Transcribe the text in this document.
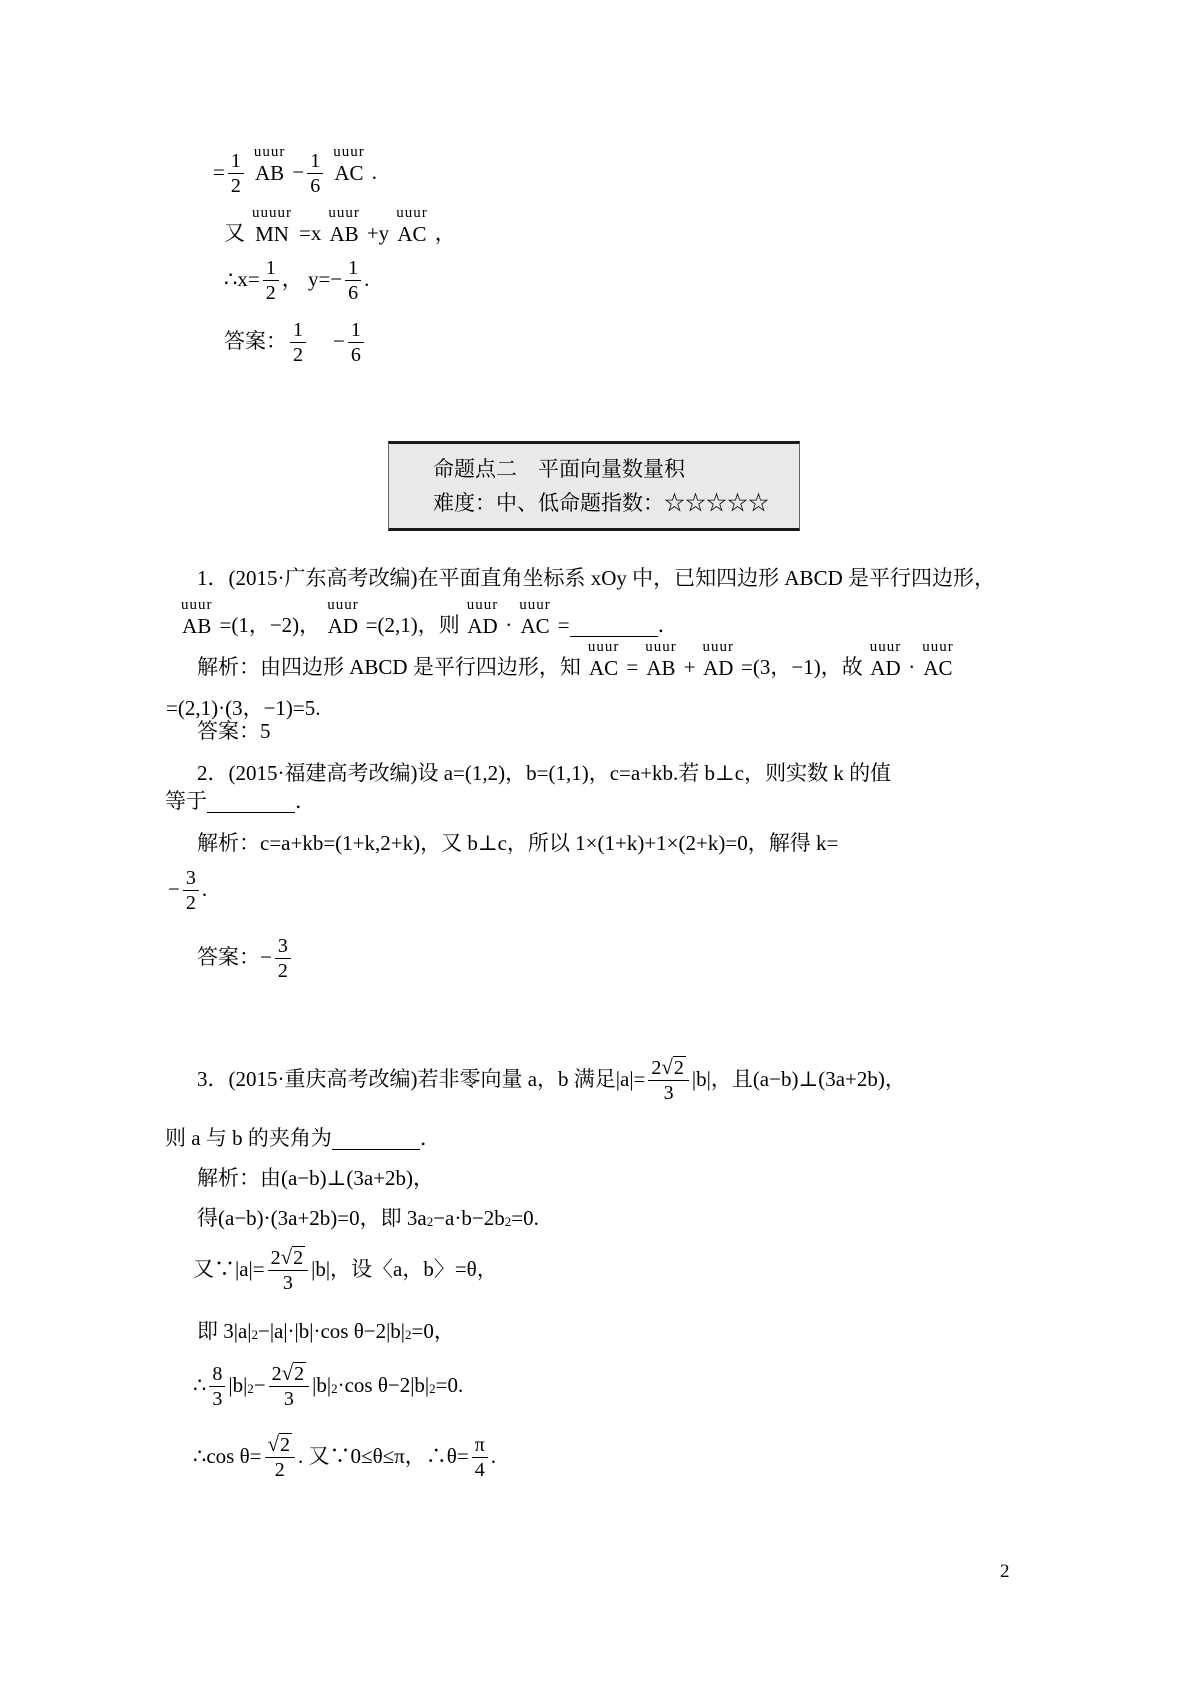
= $\frac{1}{2}$ uuur
AB − $\frac{1}{6}$ uuur
AC .
又
uuuur
MN =x
uuur
AB +y
uuur
AC ，
∴x= $\frac{1}{2}$ ， $y=- \frac{1}{6}$ .
答案： $\frac{1}{2} - \frac{1}{6}$
命题点二　平面向量数量积
难度：中、低命题指数：☆☆☆☆☆
1．(2015·广东高考改编)在平面直角坐标系 xOy 中，已知四边形 ABCD 是平行四边形，
uuur
AB =(1，−2)，
uuur
AD =(2,1)，则
uuur
AD ·
uuur
AC =	．
解析：由四边形 ABCD 是平行四边形，知
uuur
AC =
uuur
AB +
uuur
AD =(3，−1)，故
uuur
AD ·
uuur
AC
=(2,1)·(3，−1)=5.
答案：5
2．(2015·福建高考改编)设 a=(1,2)，b=(1,1)，c=a+kb.若 b⊥c，则实数 k 的值
等于	．
解析：c=a+kb=(1+k,2+k)，又 b⊥c，所以 1×(1+k)+1×(2+k)=0，解得 k=
− $\frac{3}{2}$ .
答案：− $\frac{3}{2}$
3．(2015·重庆高考改编)若非零向量 a，b 满足$|a|= \frac{2 √ 2}{3} |b|$，且(a−b)⊥(3a+2b)，
则 a 与 b 的夹角为	．
解析：由(a−b)⊥(3a+2b)，
得(a−b)·(3a+2b)=0，即 3a 2 −a·b−2b 2 =0.
又∵|a|= $\frac{2 √ 2}{3} |b|$，设〈a，b〉=θ，
即 3|a| 2 −|a|·|b|·cos θ−2|b| 2 =0，
∴ $\frac{8}{3} |b|$ $2 - \frac{2 √ 2}{3} |b|$ 2 ·cos θ−2|b| 2 =0.
∴cos $\theta= \frac{√ 2}{2}$ . 又∵0≤θ≤π，∴θ= $\frac{\pi}{4}$ .
2
